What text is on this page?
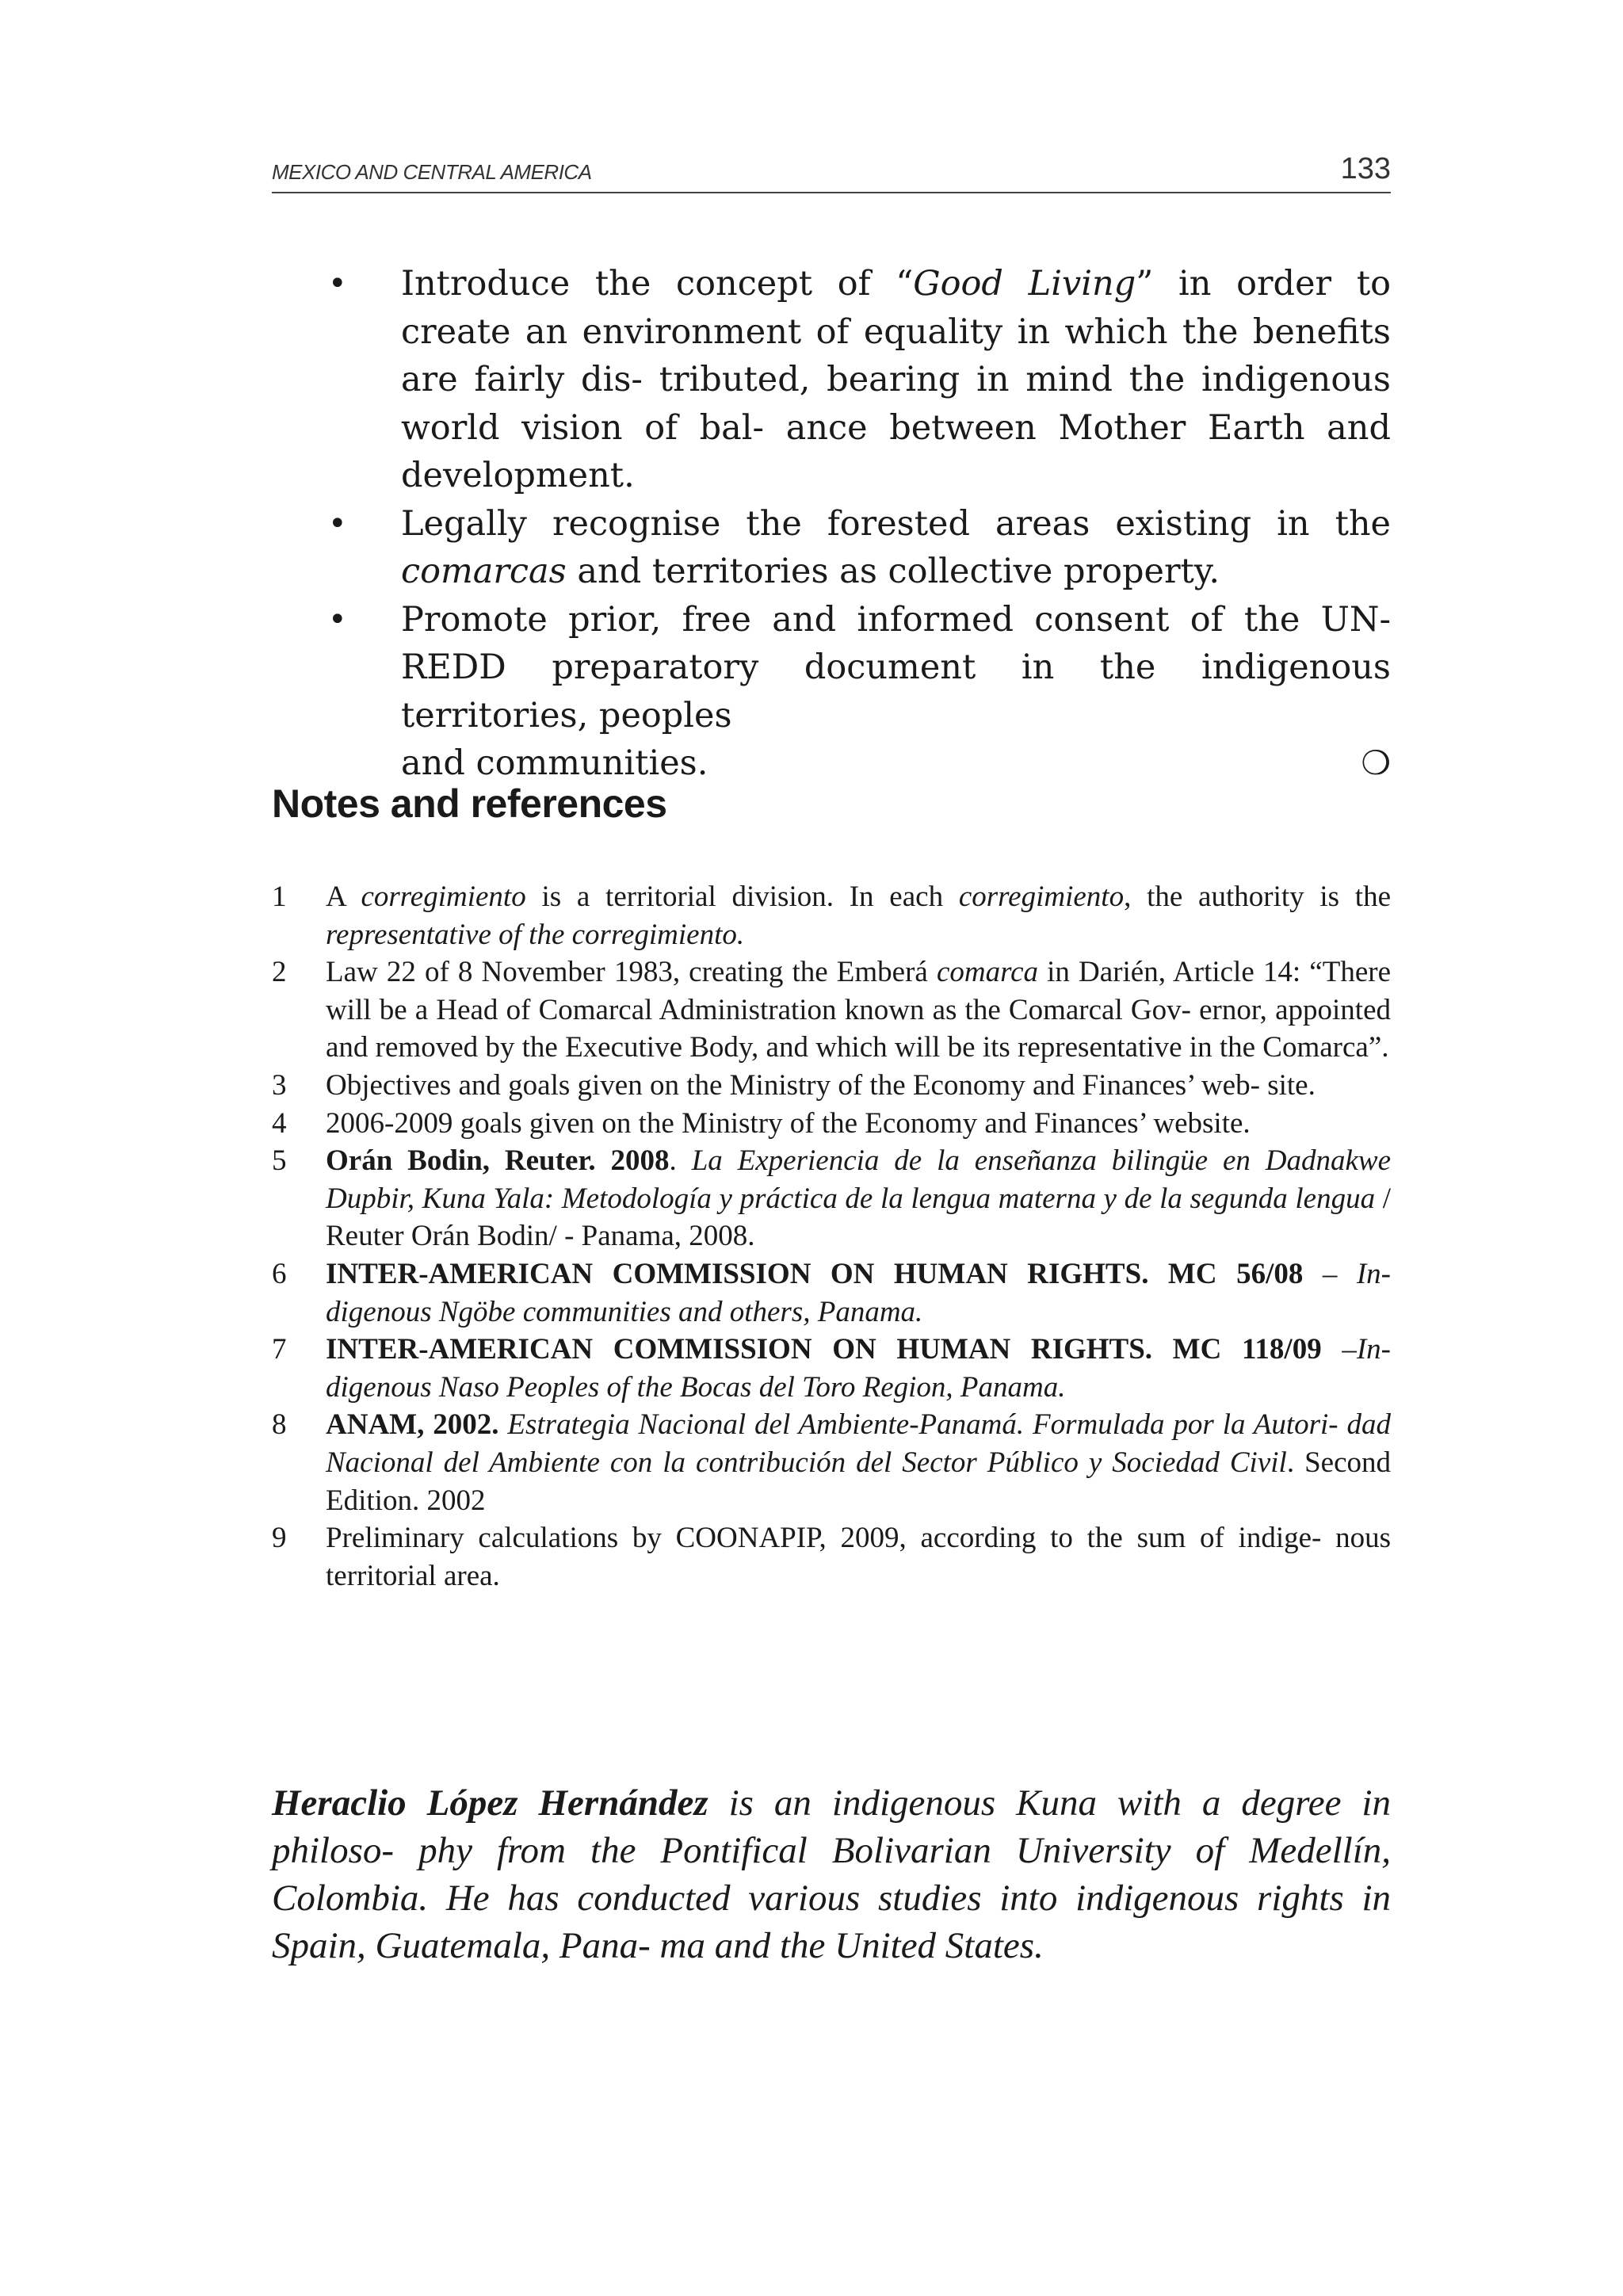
MEXICO AND CENTRAL AMERICA	133
• Introduce the concept of “Good Living” in order to create an environment of equality in which the benefits are fairly dis- tributed, bearing in mind the indigenous world vision of bal- ance between Mother Earth and development.
• Legally recognise the forested areas existing in the comarcas and territories as collective property.
• Promote prior, free and informed consent of the UN-REDD preparatory document in the indigenous territories, peoples
and communities.	❍
Notes and references
1 A corregimiento is a territorial division. In each corregimiento, the authority is the representative of the corregimiento.
2 Law 22 of 8 November 1983, creating the Emberá comarca in Darién, Article 14: “There will be a Head of Comarcal Administration known as the Comarcal Gov- ernor, appointed and removed by the Executive Body, and which will be its representative in the Comarca”.
3 Objectives and goals given on the Ministry of the Economy and Finances’ web- site.
4 2006-2009 goals given on the Ministry of the Economy and Finances’ website.
5 Orán Bodin, Reuter. 2008. La Experiencia de la enseñanza bilingüe en Dadnakwe Dupbir, Kuna Yala: Metodología y práctica de la lengua materna y de la segunda lengua / Reuter Orán Bodin/ - Panama, 2008.
6 INTER-AMERICAN COMMISSION ON HUMAN RIGHTS. MC 56/08 – In- digenous Ngöbe communities and others, Panama.
7 INTER-AMERICAN COMMISSION ON HUMAN RIGHTS. MC 118/09 –In- digenous Naso Peoples of the Bocas del Toro Region, Panama.
8 ANAM, 2002. Estrategia Nacional del Ambiente-Panamá. Formulada por la Autori- dad Nacional del Ambiente con la contribución del Sector Público y Sociedad Civil. Second Edition. 2002
9 Preliminary calculations by COONAPIP, 2009, according to the sum of indige- nous territorial area.

Heraclio López Hernández is an indigenous Kuna with a degree in philoso- phy from the Pontifical Bolivarian University of Medellín, Colombia. He has conducted various studies into indigenous rights in Spain, Guatemala, Pana- ma and the United States.
